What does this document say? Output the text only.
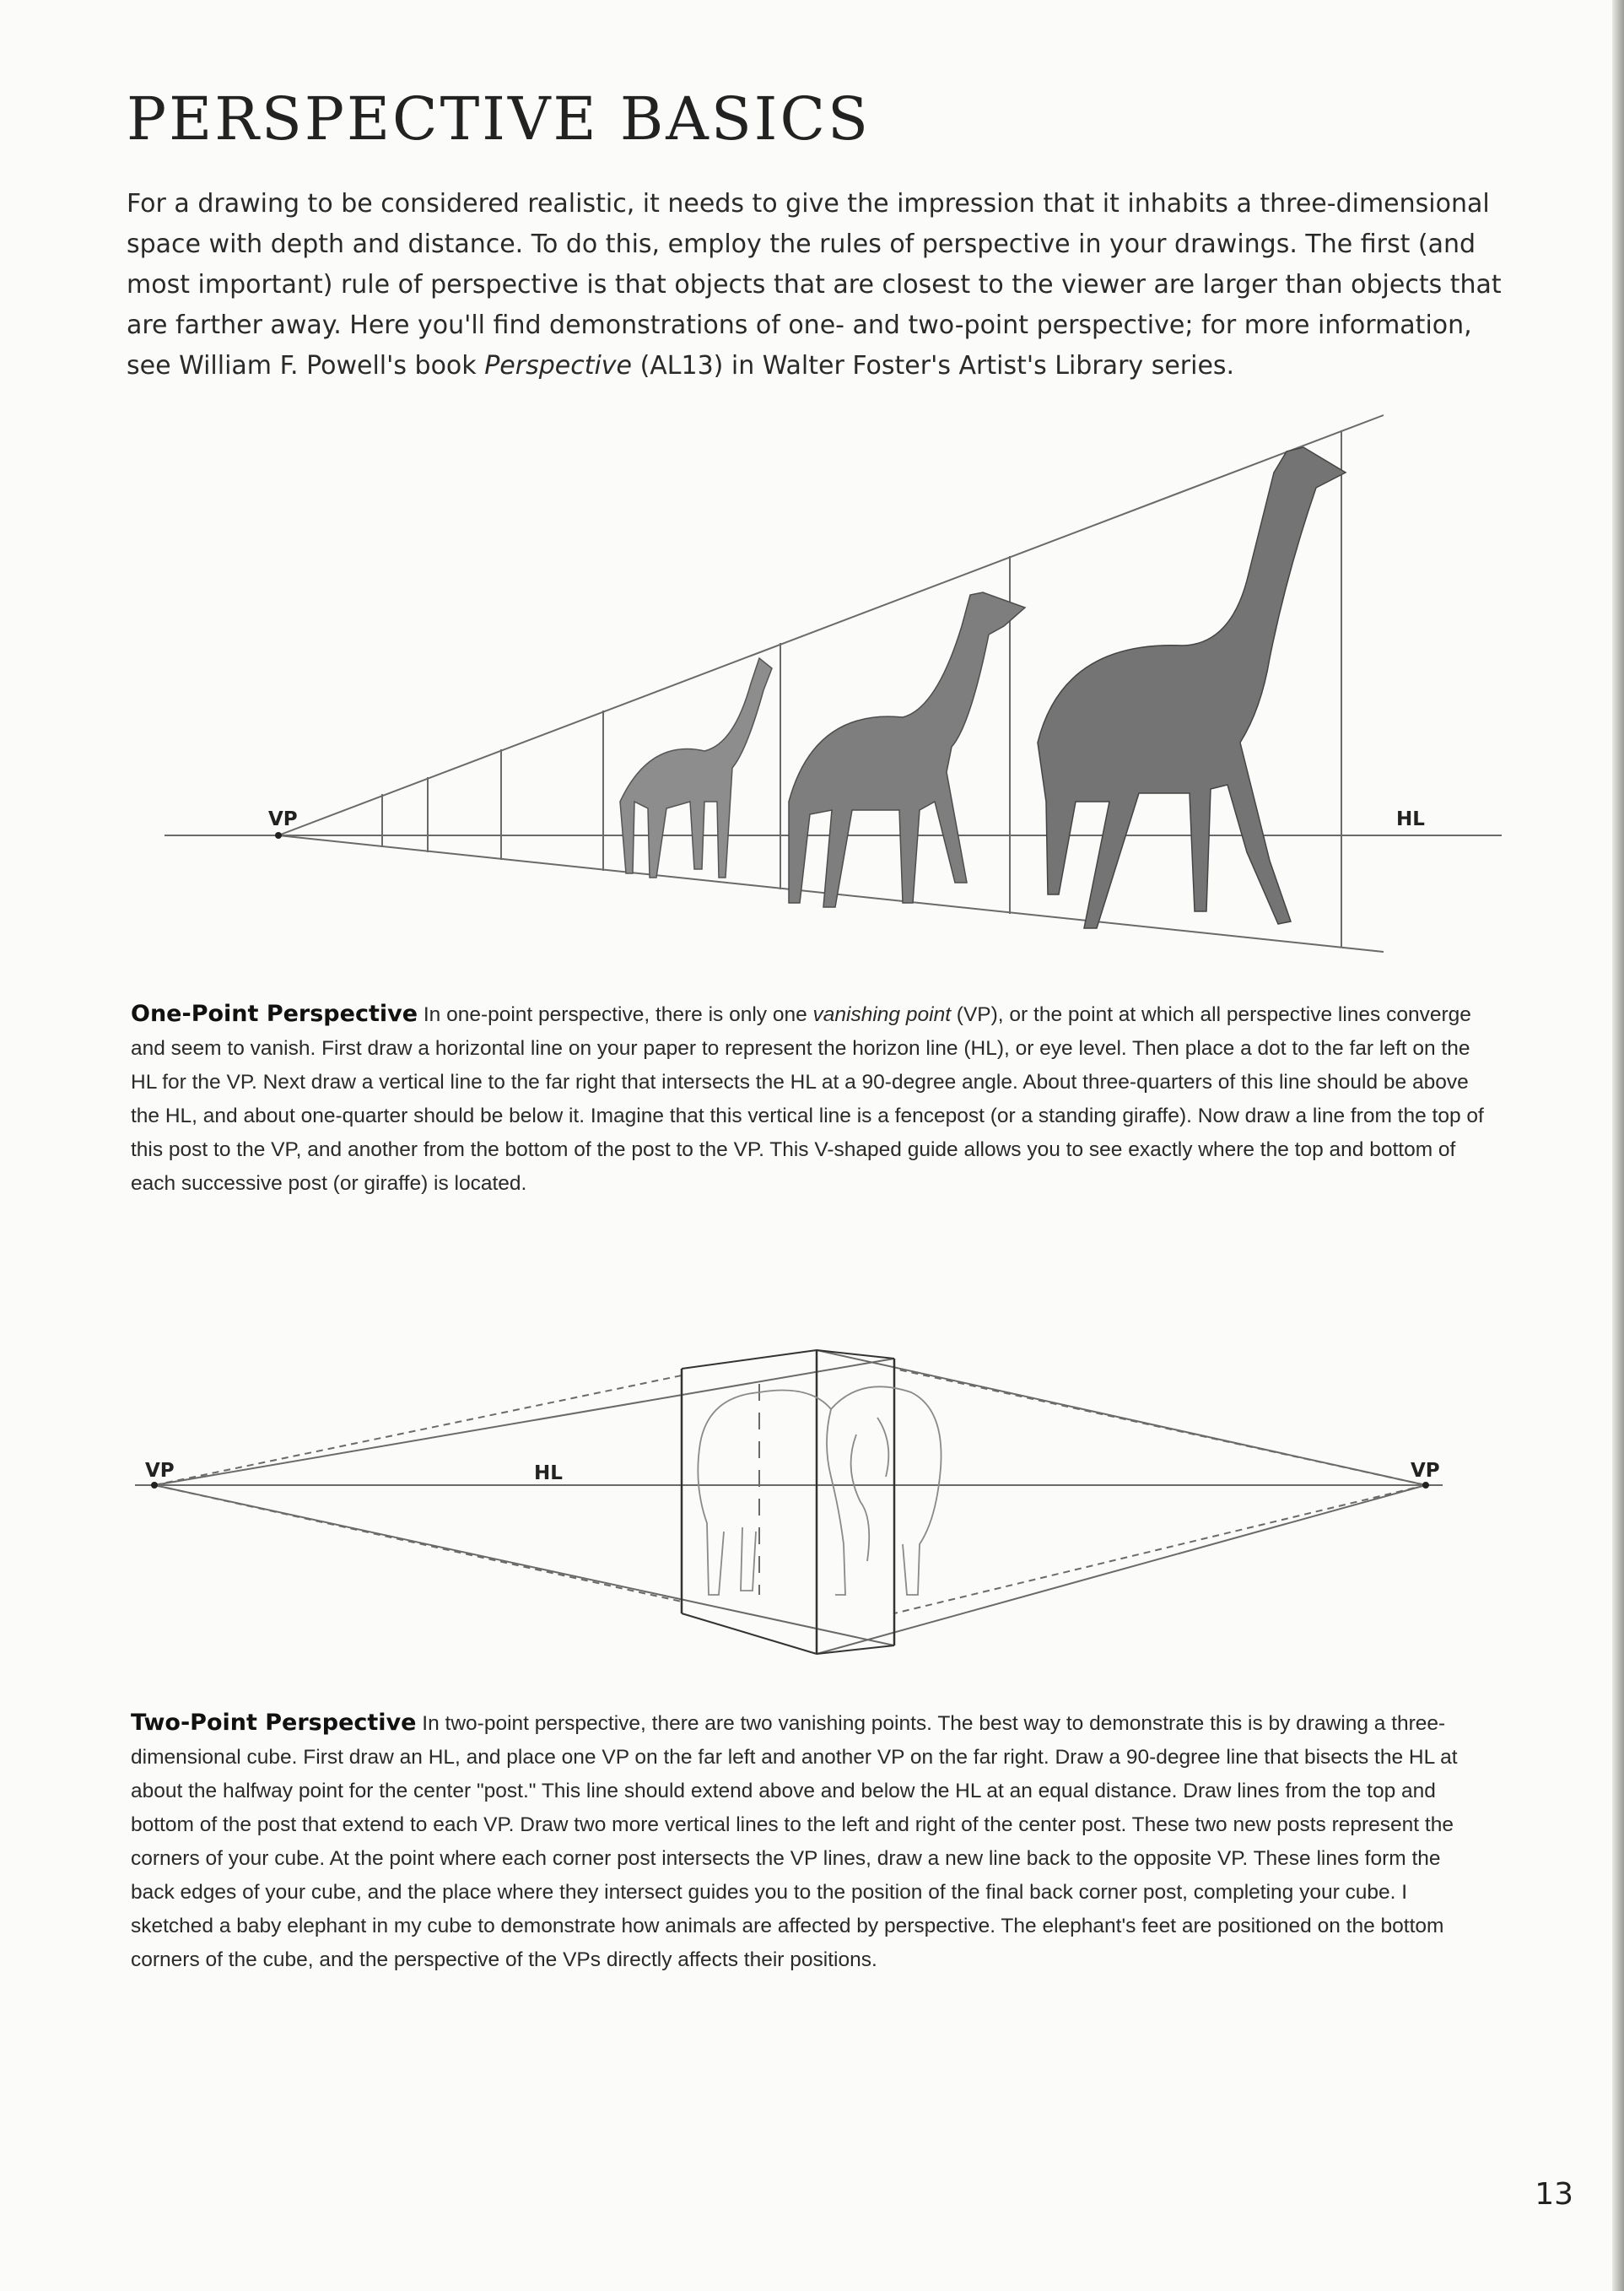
PERSPECTIVE BASICS

For a drawing to be considered realistic, it needs to give the impression that it inhabits a three-dimensional space with depth and distance. To do this, employ the rules of perspective in your drawings. The first (and most important) rule of perspective is that objects that are closest to the viewer are larger than objects that are farther away. Here you'll find demonstrations of one- and two-point perspective; for more information, see William F. Powell's book Perspective (AL13) in Walter Foster's Artist's Library series.

VP	HL
One-Point Perspective In one-point perspective, there is only one vanishing point (VP), or the point at which all perspective lines converge and seem to vanish. First draw a horizontal line on your paper to represent the horizon line (HL), or eye level. Then place a dot to the far left on the HL for the VP. Next draw a vertical line to the far right that intersects the HL at a 90-degree angle. About three-quarters of this line should be above the HL, and about one-quarter should be below it. Imagine that this vertical line is a fencepost (or a standing giraffe). Now draw a line from the top of this post to the VP, and another from the bottom of the post to the VP. This V-shaped guide allows you to see exactly where the top and bottom of each successive post (or giraffe) is located.
VP	HL	VP
Two-Point Perspective In two-point perspective, there are two vanishing points. The best way to demonstrate this is by drawing a three-dimensional cube. First draw an HL, and place one VP on the far left and another VP on the far right. Draw a 90-degree line that bisects the HL at about the halfway point for the center "post." This line should extend above and below the HL at an equal distance. Draw lines from the top and bottom of the post that extend to each VP. Draw two more vertical lines to the left and right of the center post. These two new posts represent the corners of your cube. At the point where each corner post intersects the VP lines, draw a new line back to the opposite VP. These lines form the back edges of your cube, and the place where they intersect guides you to the position of the final back corner post, completing your cube. I sketched a baby elephant in my cube to demonstrate how animals are affected by perspective. The elephant's feet are positioned on the bottom corners of the cube, and the perspective of the VPs directly affects their positions.
13
